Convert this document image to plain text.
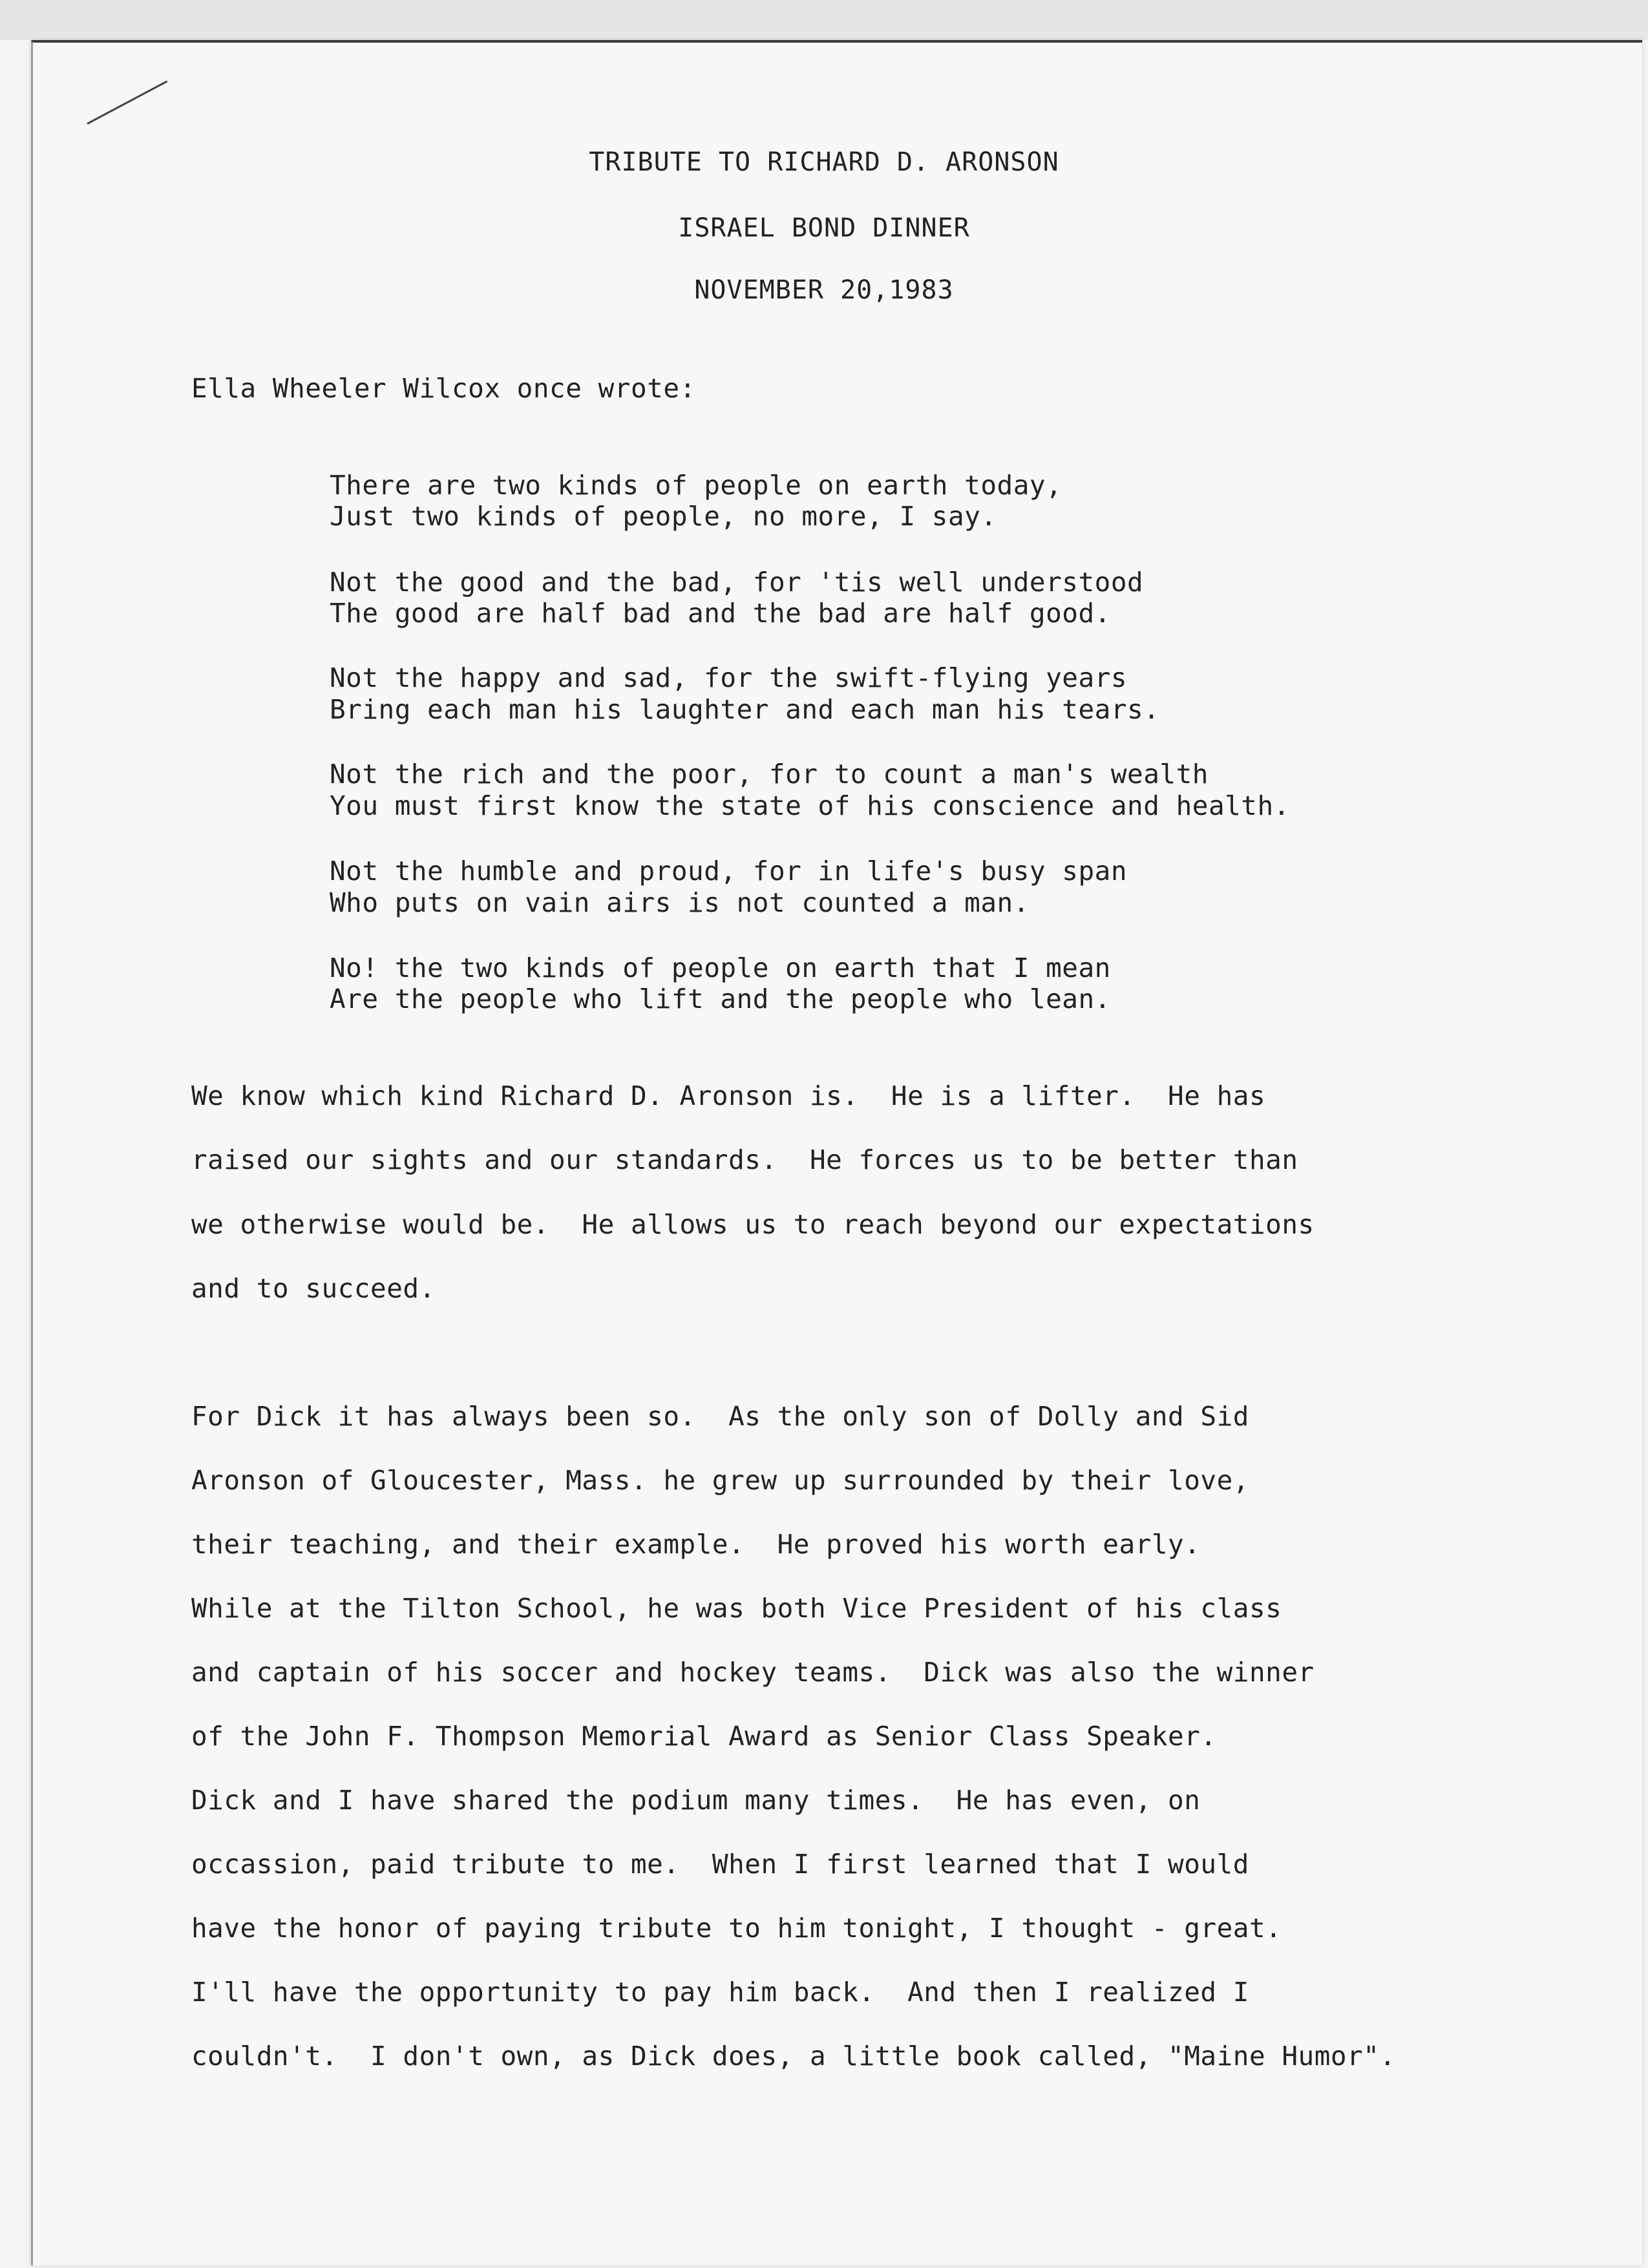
TRIBUTE TO RICHARD D. ARONSON
ISRAEL BOND DINNER
NOVEMBER 20,1983
Ella Wheeler Wilcox once wrote:
There are two kinds of people on earth today,
Just two kinds of people, no more, I say.
Not the good and the bad, for 'tis well understood
The good are half bad and the bad are half good.
Not the happy and sad, for the swift-flying years
Bring each man his laughter and each man his tears.
Not the rich and the poor, for to count a man's wealth
You must first know the state of his conscience and health.
Not the humble and proud, for in life's busy span
Who puts on vain airs is not counted a man.
No! the two kinds of people on earth that I mean
Are the people who lift and the people who lean.
We know which kind Richard D. Aronson is.  He is a lifter.  He has
raised our sights and our standards.  He forces us to be better than
we otherwise would be.  He allows us to reach beyond our expectations
and to succeed.
For Dick it has always been so.  As the only son of Dolly and Sid
Aronson of Gloucester, Mass. he grew up surrounded by their love,
their teaching, and their example.  He proved his worth early.
While at the Tilton School, he was both Vice President of his class
and captain of his soccer and hockey teams.  Dick was also the winner
of the John F. Thompson Memorial Award as Senior Class Speaker.
Dick and I have shared the podium many times.  He has even, on
occassion, paid tribute to me.  When I first learned that I would
have the honor of paying tribute to him tonight, I thought - great.
I'll have the opportunity to pay him back.  And then I realized I
couldn't.  I don't own, as Dick does, a little book called, "Maine Humor".
